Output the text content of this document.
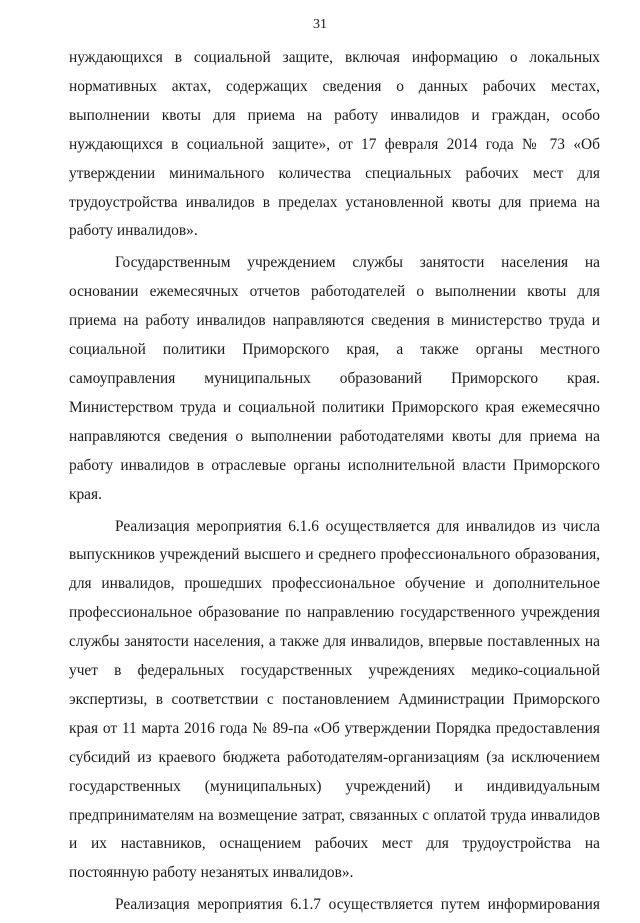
31

нуждающихся в социальной защите, включая информацию о локальных нормативных актах, содержащих сведения о данных рабочих местах, выполнении квоты для приема на работу инвалидов и граждан, особо нуждающихся в социальной защите», от 17 февраля 2014 года № 73 «Об утверждении минимального количества специальных рабочих мест для трудоустройства инвалидов в пределах установленной квоты для приема на работу инвалидов».

Государственным учреждением службы занятости населения на основании ежемесячных отчетов работодателей о выполнении квоты для приема на работу инвалидов направляются сведения в министерство труда и социальной политики Приморского края, а также органы местного самоуправления муниципальных образований Приморского края. Министерством труда и социальной политики Приморского края ежемесячно направляются сведения о выполнении работодателями квоты для приема на работу инвалидов в отраслевые органы исполнительной власти Приморского края.

Реализация мероприятия 6.1.6 осуществляется для инвалидов из числа выпускников учреждений высшего и среднего профессионального образования, для инвалидов, прошедших профессиональное обучение и дополнительное профессиональное образование по направлению государственного учреждения службы занятости населения, а также для инвалидов, впервые поставленных на учет в федеральных государственных учреждениях медико-социальной экспертизы, в соответствии с постановлением Администрации Приморского края от 11 марта 2016 года № 89-па «Об утверждении Порядка предоставления субсидий из краевого бюджета работодателям-организациям (за исключением государственных (муниципальных) учреждений) и индивидуальным предпринимателям на возмещение затрат, связанных с оплатой труда инвалидов и их наставников, оснащением рабочих мест для трудоустройства на постоянную работу незанятых инвалидов».

Реализация мероприятия 6.1.7 осуществляется путем информирования
